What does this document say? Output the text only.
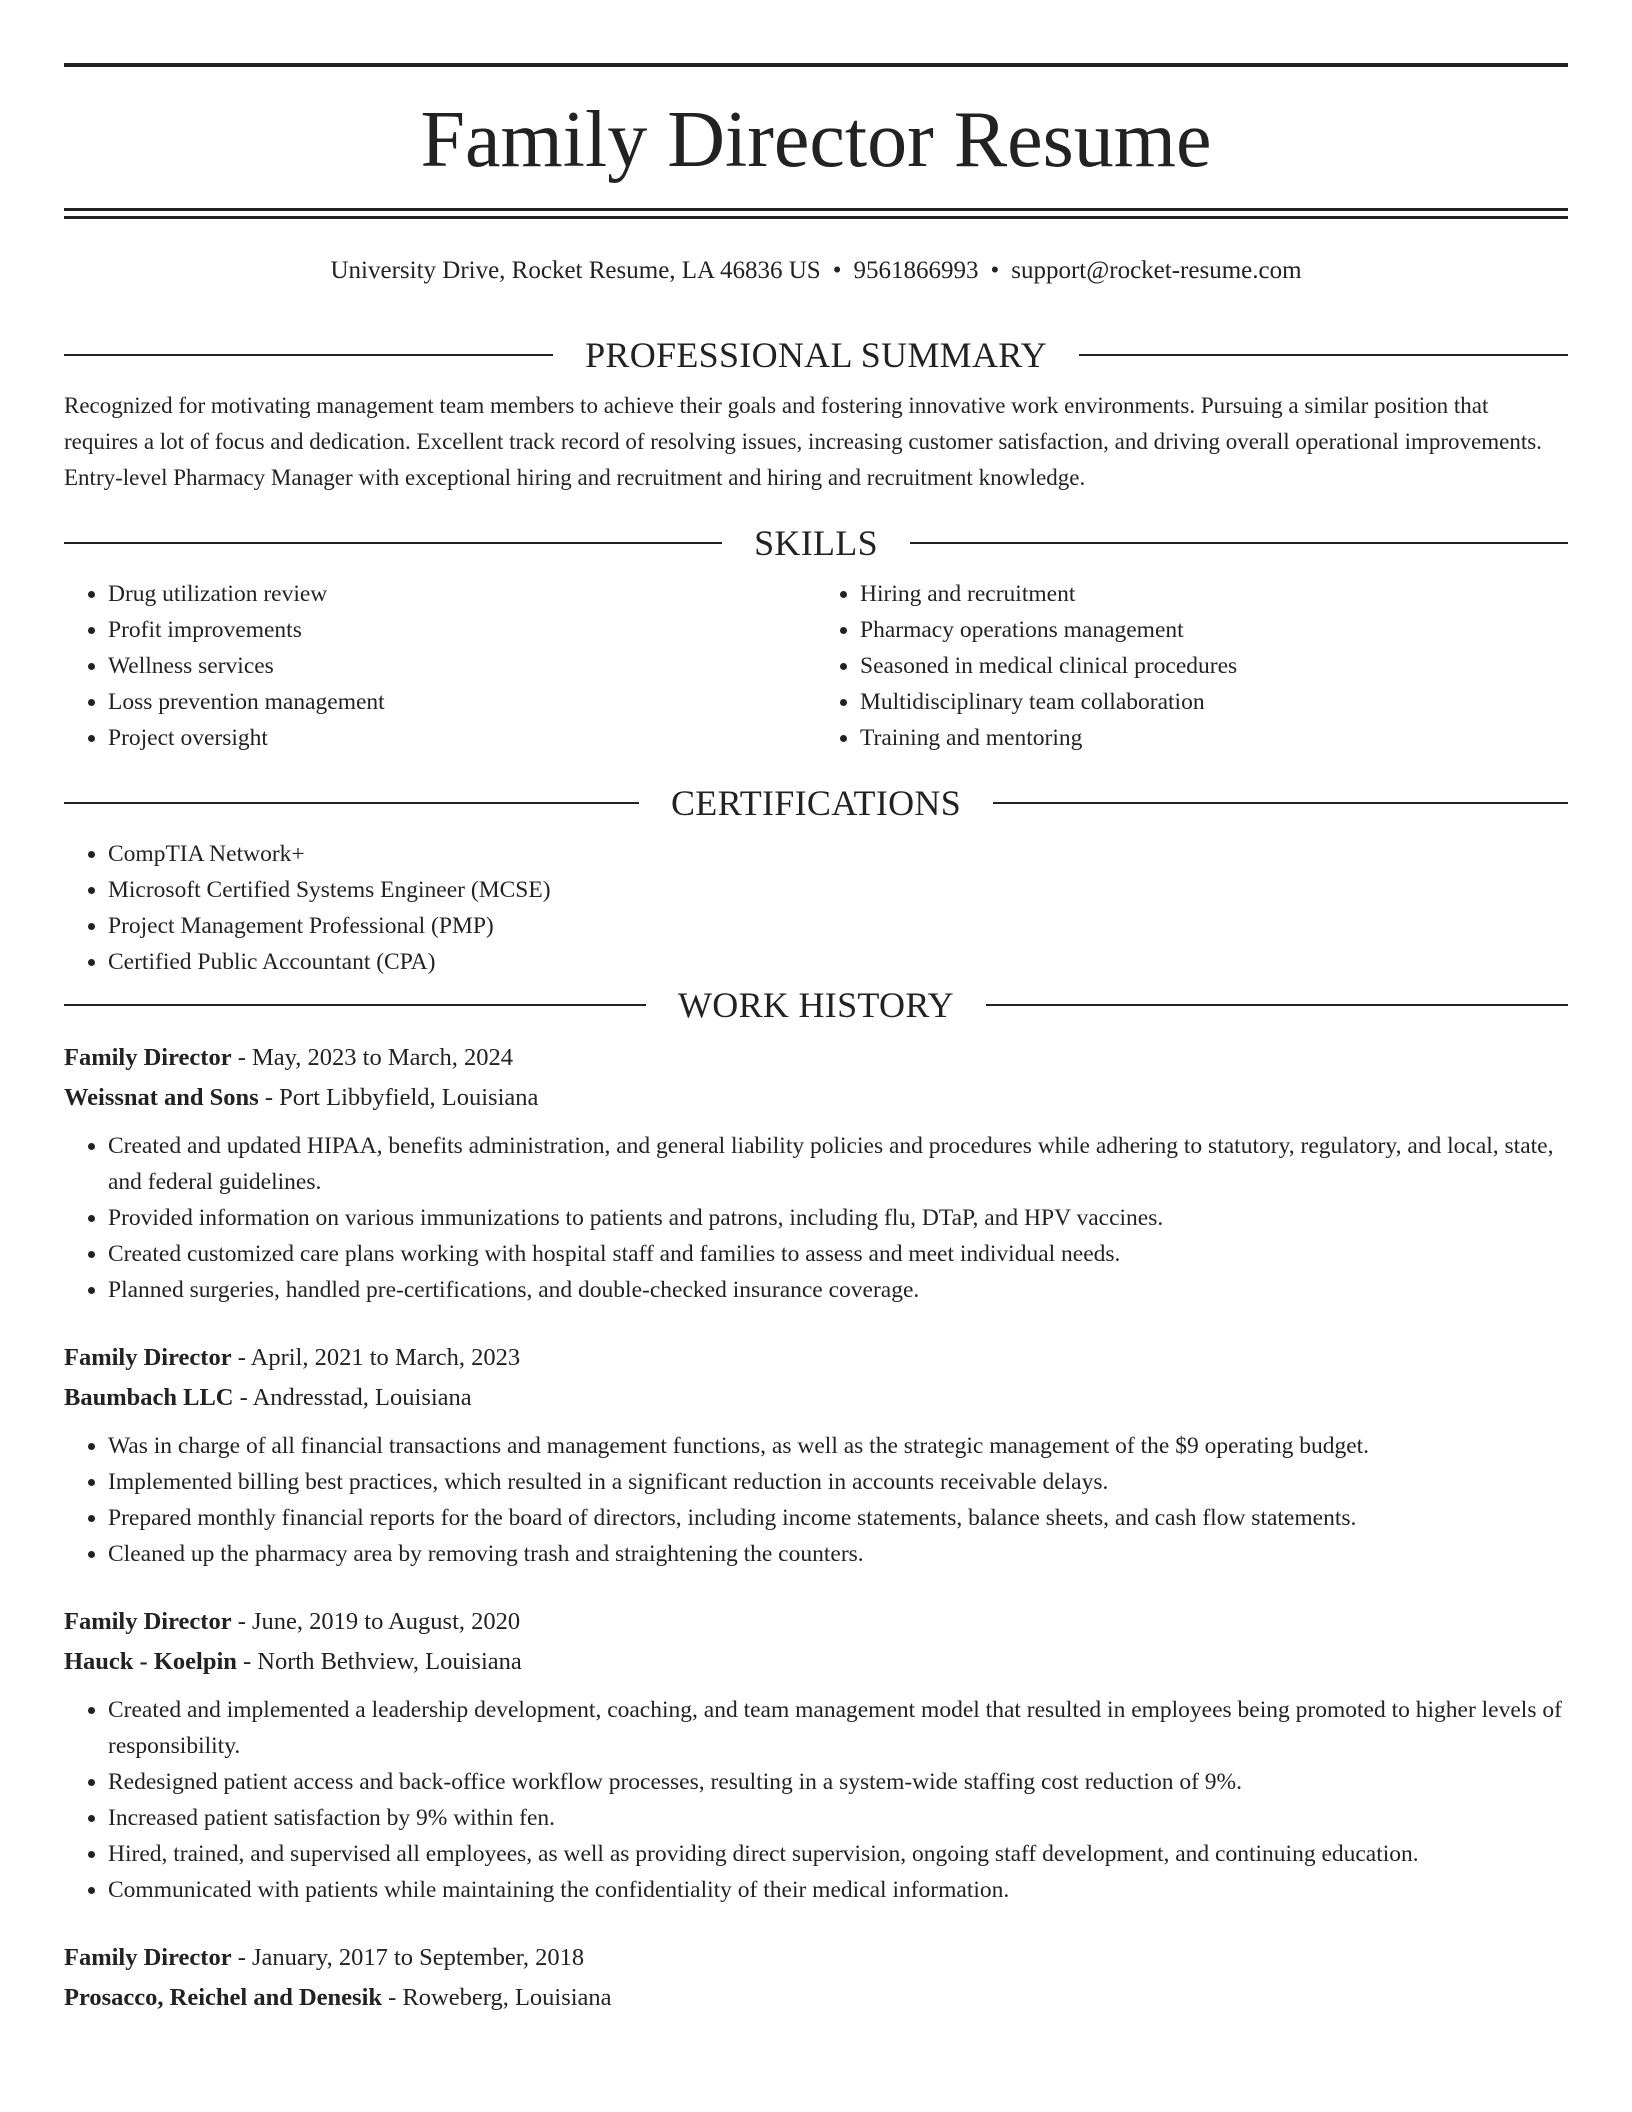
Family Director Resume
University Drive, Rocket Resume, LA 46836 US • 9561866993 • support@rocket-resume.com
PROFESSIONAL SUMMARY

Recognized for motivating management team members to achieve their goals and fostering innovative work environments. Pursuing a similar position that requires a lot of focus and dedication. Excellent track record of resolving issues, increasing customer satisfaction, and driving overall operational improvements. Entry-level Pharmacy Manager with exceptional hiring and recruitment and hiring and recruitment knowledge.

SKILLS
• Drug utilization review
• Profit improvements
• Wellness services
• Loss prevention management
• Project oversight
• Hiring and recruitment
• Pharmacy operations management
• Seasoned in medical clinical procedures
• Multidisciplinary team collaboration
• Training and mentoring
CERTIFICATIONS
• CompTIA Network+
• Microsoft Certified Systems Engineer (MCSE)
• Project Management Professional (PMP)
• Certified Public Accountant (CPA)
WORK HISTORY
Family Director - May, 2023 to March, 2024
Weissnat and Sons - Port Libbyfield, Louisiana
• Created and updated HIPAA, benefits administration, and general liability policies and procedures while adhering to statutory, regulatory, and local, state, and federal guidelines.
• Provided information on various immunizations to patients and patrons, including flu, DTaP, and HPV vaccines.
• Created customized care plans working with hospital staff and families to assess and meet individual needs.
• Planned surgeries, handled pre-certifications, and double-checked insurance coverage.
Family Director - April, 2021 to March, 2023
Baumbach LLC - Andresstad, Louisiana
• Was in charge of all financial transactions and management functions, as well as the strategic management of the $9 operating budget.
• Implemented billing best practices, which resulted in a significant reduction in accounts receivable delays.
• Prepared monthly financial reports for the board of directors, including income statements, balance sheets, and cash flow statements.
• Cleaned up the pharmacy area by removing trash and straightening the counters.
Family Director - June, 2019 to August, 2020
Hauck - Koelpin - North Bethview, Louisiana
• Created and implemented a leadership development, coaching, and team management model that resulted in employees being promoted to higher levels of responsibility.
• Redesigned patient access and back-office workflow processes, resulting in a system-wide staffing cost reduction of 9%.
• Increased patient satisfaction by 9% within fen.
• Hired, trained, and supervised all employees, as well as providing direct supervision, ongoing staff development, and continuing education.
• Communicated with patients while maintaining the confidentiality of their medical information.
Family Director - January, 2017 to September, 2018
Prosacco, Reichel and Denesik - Roweberg, Louisiana
